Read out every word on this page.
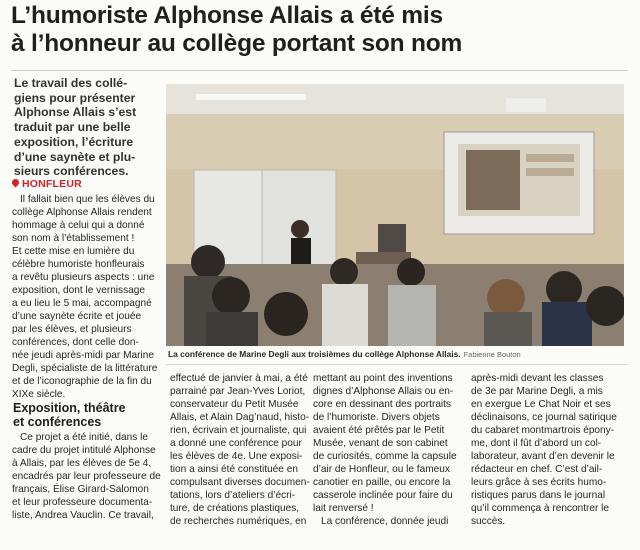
L’humoriste Alphonse Allais a été mis
à l’honneur au collège portant son nom

Le travail des collé-
giens pour présenter
Alphonse Allais s’est
traduit par une belle
exposition, l’écriture
d’une saynète et plu-
sieurs conférences.

HONFLEUR

Il fallait bien que les élèves du
collège Alphonse Allais rendent
hommage à celui qui a donné
son nom à l’établissement !
Et cette mise en lumière du
célèbre humoriste honfleurais
a revêtu plusieurs aspects : une
exposition, dont le vernissage
a eu lieu le 5 mai, accompagné
d’une saynète écrite et jouée
par les élèves, et plusieurs
conférences, dont celle don-
née jeudi après-midi par Marine
Degli, spécialiste de la littérature
et de l’iconographie de la fin du
XIXe siècle.

Exposition, théâtre
et conférences

Ce projet a été initié, dans le
cadre du projet intitulé Alphonse
à Allais, par les élèves de 5e 4,
encadrés par leur professeure de
français, Élise Girard-Salomon
et leur professeure documenta-
liste, Andrea Vauclin. Ce travail,

La conférence de Marine Degli aux troisièmes du collège Alphonse Allais. Fabienne Bouton

effectué de janvier à mai, a été
parrainé par Jean-Yves Loriot,
conservateur du Petit Musée
Allais, et Alain Dag’naud, histo-
rien, écrivain et journaliste, qui
a donné une conférence pour
les élèves de 4e. Une exposi-
tion a ainsi été constituée en
compulsant diverses documen-
tations, lors d’ateliers d’écri-
ture, de créations plastiques,
de recherches numériques, en

mettant au point des inventions
dignes d’Alphonse Allais ou en-
core en dessinant des portraits
de l’humoriste. Divers objets
avaient été prêtés par le Petit
Musée, venant de son cabinet
de curiosités, comme la capsule
d’air de Honfleur, ou le fameux
canotier en paille, ou encore la
casserole inclinée pour faire du
lait renversé !
La conférence, donnée jeudi

après-midi devant les classes
de 3e par Marine Degli, a mis
en exergue Le Chat Noir et ses
déclinaisons, ce journal satirique
du cabaret montmartrois épony-
me, dont il fût d’abord un col-
laborateur, avant d’en devenir le
rédacteur en chef. C’est d’ail-
leurs grâce à ses écrits humo-
ristiques parus dans le journal
qu’il commença à rencontrer le
succès.
